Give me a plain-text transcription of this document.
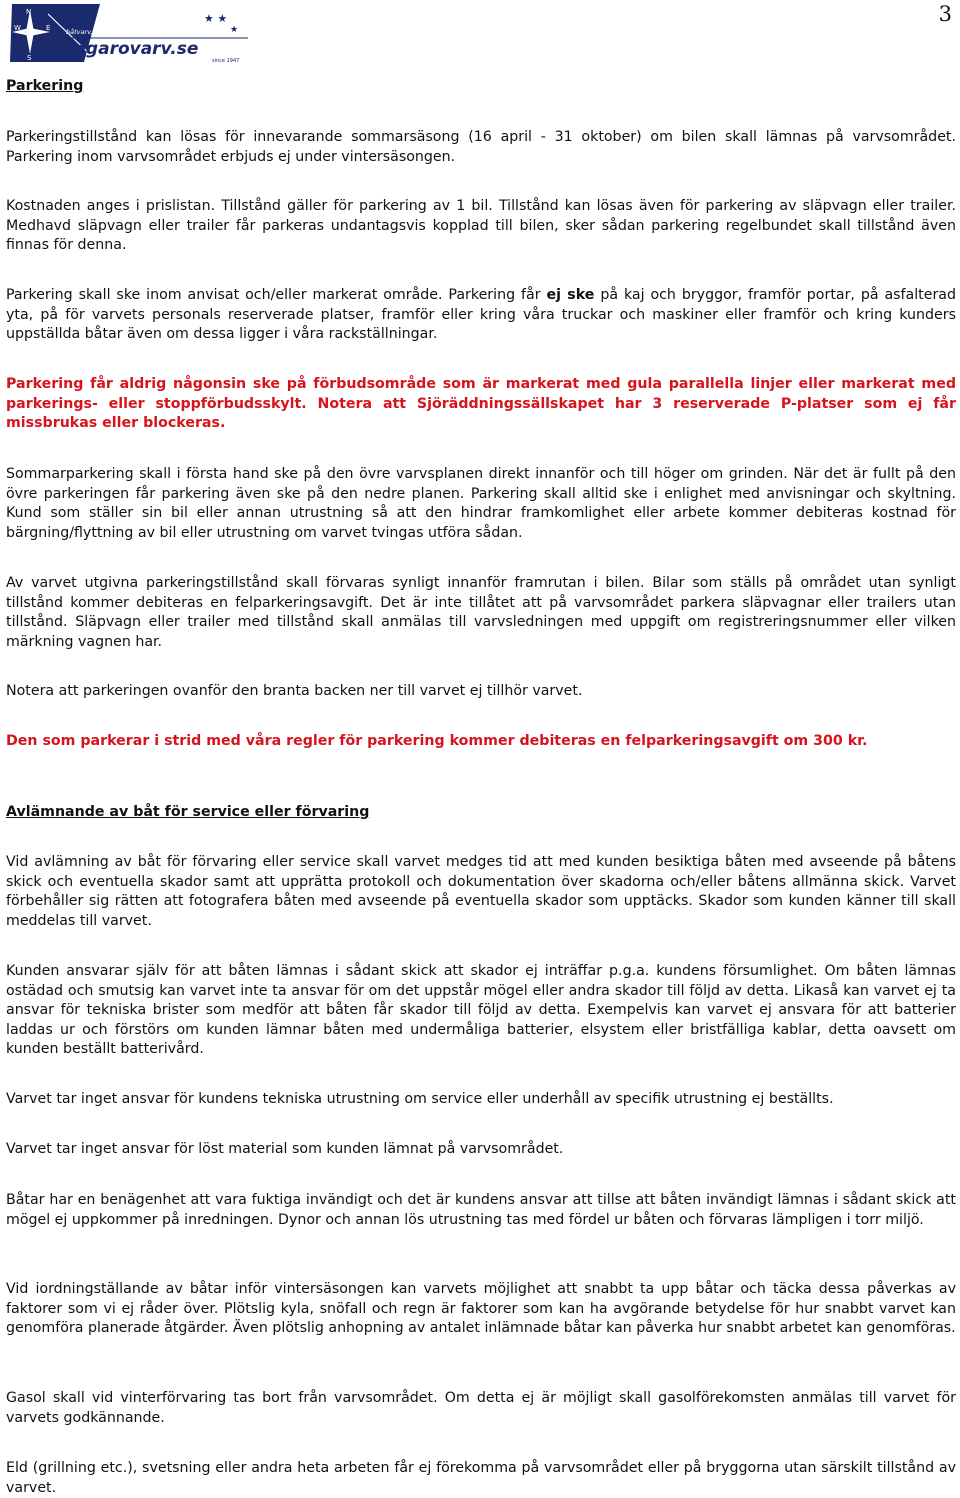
N
E
S
W
★ ★
★
båtvarv, förvaring, service
ingarovarv.se
since 1947
3

Parkering

Parkeringstillstånd kan lösas för innevarande sommarsäsong (16 april - 31 oktober) om bilen skall lämnas på varvsområdet. Parkering inom varvsområdet erbjuds ej under vintersäsongen.

Kostnaden anges i prislistan. Tillstånd gäller för parkering av 1 bil. Tillstånd kan lösas även för parkering av släpvagn eller trailer. Medhavd släpvagn eller trailer får parkeras undantagsvis kopplad till bilen, sker sådan parkering regelbundet skall tillstånd även finnas för denna.

Parkering skall ske inom anvisat och/eller markerat område. Parkering får ej ske på kaj och bryggor, framför portar, på asfalterad yta, på för varvets personals reserverade platser, framför eller kring våra truckar och maskiner eller framför och kring kunders uppställda båtar även om dessa ligger i våra rackställningar.

Parkering får aldrig någonsin ske på förbudsområde som är markerat med gula parallella linjer eller markerat med parkerings- eller stoppförbudsskylt. Notera att Sjöräddningssällskapet har 3 reserverade P-platser som ej får missbrukas eller blockeras.

Sommarparkering skall i första hand ske på den övre varvsplanen direkt innanför och till höger om grinden. När det är fullt på den övre parkeringen får parkering även ske på den nedre planen. Parkering skall alltid ske i enlighet med anvisningar och skyltning. Kund som ställer sin bil eller annan utrustning så att den hindrar framkomlighet eller arbete kommer debiteras kostnad för bärgning/flyttning av bil eller utrustning om varvet tvingas utföra sådan.

Av varvet utgivna parkeringstillstånd skall förvaras synligt innanför framrutan i bilen. Bilar som ställs på området utan synligt tillstånd kommer debiteras en felparkeringsavgift. Det är inte tillåtet att på varvsområdet parkera släpvagnar eller trailers utan tillstånd. Släpvagn eller trailer med tillstånd skall anmälas till varvsledningen med uppgift om registreringsnummer eller vilken märkning vagnen har.

Notera att parkeringen ovanför den branta backen ner till varvet ej tillhör varvet.

Den som parkerar i strid med våra regler för parkering kommer debiteras en felparkeringsavgift om 300 kr.

Avlämnande av båt för service eller förvaring

Vid avlämning av båt för förvaring eller service skall varvet medges tid att med kunden besiktiga båten med avseende på båtens skick och eventuella skador samt att upprätta protokoll och dokumentation över skadorna och/eller båtens allmänna skick. Varvet förbehåller sig rätten att fotografera båten med avseende på eventuella skador som upptäcks. Skador som kunden känner till skall meddelas till varvet.

Kunden ansvarar själv för att båten lämnas i sådant skick att skador ej inträffar p.g.a. kundens försumlighet. Om båten lämnas ostädad och smutsig kan varvet inte ta ansvar för om det uppstår mögel eller andra skador till följd av detta. Likaså kan varvet ej ta ansvar för tekniska brister som medför att båten får skador till följd av detta. Exempelvis kan varvet ej ansvara för att batterier laddas ur och förstörs om kunden lämnar båten med undermåliga batterier, elsystem eller bristfälliga kablar, detta oavsett om kunden beställt batterivård.

Varvet tar inget ansvar för kundens tekniska utrustning om service eller underhåll av specifik utrustning ej beställts.

Varvet tar inget ansvar för löst material som kunden lämnat på varvsområdet.

Båtar har en benägenhet att vara fuktiga invändigt och det är kundens ansvar att tillse att båten invändigt lämnas i sådant skick att mögel ej uppkommer på inredningen. Dynor och annan lös utrustning tas med fördel ur båten och förvaras lämpligen i torr miljö.

Vid iordningställande av båtar inför vintersäsongen kan varvets möjlighet att snabbt ta upp båtar och täcka dessa påverkas av faktorer som vi ej råder över. Plötslig kyla, snöfall och regn är faktorer som kan ha avgörande betydelse för hur snabbt varvet kan genomföra planerade åtgärder. Även plötslig anhopning av antalet inlämnade båtar kan påverka hur snabbt arbetet kan genomföras.

Gasol skall vid vinterförvaring tas bort från varvsområdet. Om detta ej är möjligt skall gasolförekomsten anmälas till varvet för varvets godkännande.

Eld (grillning etc.), svetsning eller andra heta arbeten får ej förekomma på varvsområdet eller på bryggorna utan särskilt tillstånd av varvet.
